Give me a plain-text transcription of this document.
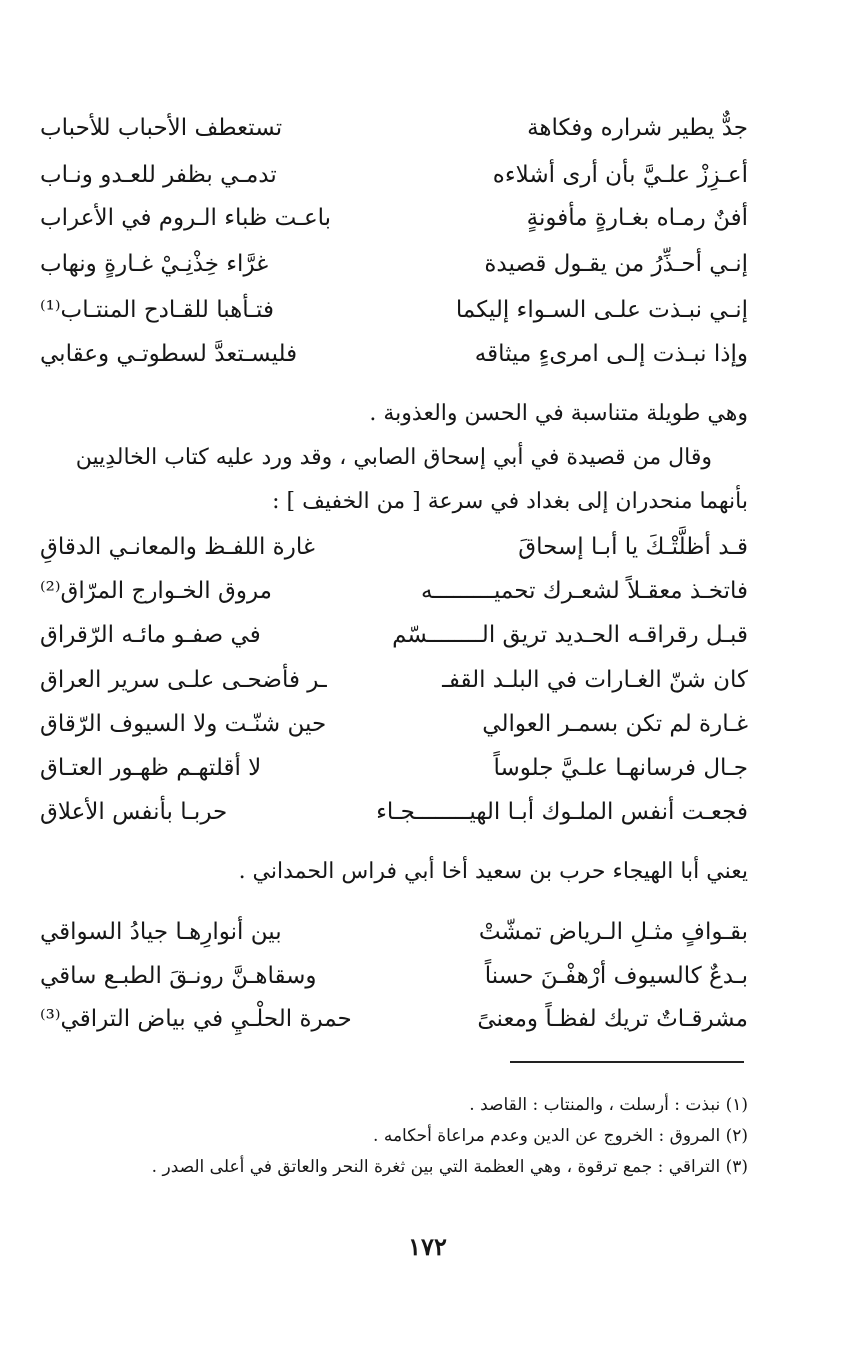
جدٌّ يطير شراره وفكاهة
تستعطف الأحباب للأحباب
أعـزِزْ علـيَّ بأن أرى أشلاءه
تدمـي بظفر للعـدو ونـاب
أفنٌ رمـاه بغـارةٍ مأفونةٍ
باعـت ظباء الـروم في الأعراب
إنـي أحـذِّرُ من يقـول قصيدة
غرَّاء خِذْنِـيْ غـارةٍ ونهاب
إنـي نبـذت علـى السـواء إليكما
فتـأهبا للقـادح المنتـاب⁽¹⁾
وإذا نبـذت إلـى امرىءٍ ميثاقه
فليسـتعدَّ لسطوتـي وعقابي
وهي طويلة متناسبة في الحسن والعذوبة .
وقال من قصيدة في أبي إسحاق الصابي ، وقد ورد عليه كتاب الخالدِيين
بأنهما منحدران إلى بغداد في سرعة [ من الخفيف ] :
قـد أظلَّتْـكَ يا أبـا إسحاقَ
غارة اللفـظ والمعانـي الدقاقِ
فاتخـذ معقـلاً لشعـرك تحميـــــــــه
مروق الخـوارج المرّاق⁽²⁾
قبـل رقراقـه الحـديد تريق الــــــــسّم
في صفـو مائـه الرّقراق
كان شنّ الغـارات في البلـد القفـ
ـر فأضحـى علـى سرير العراق
غـارة لم تكن بسمـر العوالي
حين شنّـت ولا السيوف الرّقاق
جـال فرسانهـا علـيَّ جلوساً
لا أقلتهـم ظهـور العتـاق
فجعـت أنفس الملـوك أبـا الهيــــــــجـاء
حربـا بأنفس الأعلاق
يعني أبا الهيجاء حرب بن سعيد أخا أبي فراس الحمداني .
بقـوافٍ مثـلِ الـرياض تمشّتْ
بين أنوارِهـا جيادُ السواقي
بـدعٌ كالسيوف أرْهفْـنَ حسناً
وسقاهـنَّ رونـقَ الطبـع ساقي
مشرقـاتٌ تريك لفظـاً ومعنىً
حمرة الحلْـيِ في بياض التراقي⁽³⁾
(١) نبذت : أرسلت ، والمنتاب : القاصد .
(٢) المروق : الخروج عن الدين وعدم مراعاة أحكامه .
(٣) التراقي : جمع ترقوة ، وهي العظمة التي بين ثغرة النحر والعاتق في أعلى الصدر .
١٧٢
